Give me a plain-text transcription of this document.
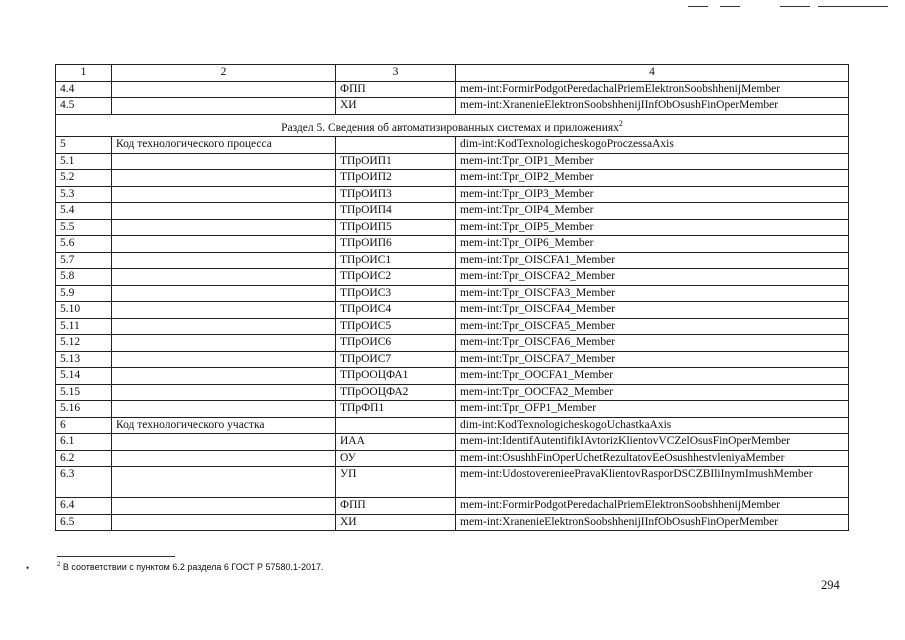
1	2	3	4
4.4		ФПП	mem-int:FormirPodgotPeredachalPriemElektronSoobshhenijMember
4.5		ХИ	mem-int:XranenieElektronSoobshhenijIInfObOsushFinOperMember
Раздел 5. Сведения об автоматизированных системах и приложениях$^2$
5	Код технологического процесса		dim-int:KodTexnologicheskogoProczessaAxis
5.1		ТПрОИП1	mem-int:Tpr_OIP1_Member
5.2		ТПрОИП2	mem-int:Tpr_OIP2_Member
5.3		ТПрОИП3	mem-int:Tpr_OIP3_Member
5.4		ТПрОИП4	mem-int:Tpr_OIP4_Member
5.5		ТПрОИП5	mem-int:Tpr_OIP5_Member
5.6		ТПрОИП6	mem-int:Tpr_OIP6_Member
5.7		ТПрОИС1	mem-int:Tpr_OISCFA1_Member
5.8		ТПрОИС2	mem-int:Tpr_OISCFA2_Member
5.9		ТПрОИС3	mem-int:Tpr_OISCFA3_Member
5.10		ТПрОИС4	mem-int:Tpr_OISCFA4_Member
5.11		ТПрОИС5	mem-int:Tpr_OISCFA5_Member
5.12		ТПрОИС6	mem-int:Tpr_OISCFA6_Member
5.13		ТПрОИС7	mem-int:Tpr_OISCFA7_Member
5.14		ТПрООЦФА1	mem-int:Tpr_OOCFA1_Member
5.15		ТПрООЦФА2	mem-int:Tpr_OOCFA2_Member
5.16		ТПрФП1	mem-int:Tpr_OFP1_Member
6	Код технологического участка		dim-int:KodTexnologicheskogoUchastkaAxis
6.1		ИАА	mem-int:IdentifAutentifikIAvtorizKlientovVCZelOsusFinOperMember
6.2		ОУ	mem-int:OsushhFinOperUchetRezultatovEeOsushhestvleniyaMember
6.3		УП	mem-int:UdostoverenieePravaKlientovRasporDSCZBIliInymImushMember
6.4		ФПП	mem-int:FormirPodgotPeredachalPriemElektronSoobshhenijMember
6.5		ХИ	mem-int:XranenieElektronSoobshhenijIInfObOsushFinOperMember
•	$^2$ В соответствии с пунктом 6.2 раздела 6 ГОСТ Р 57580.1-2017.
294
